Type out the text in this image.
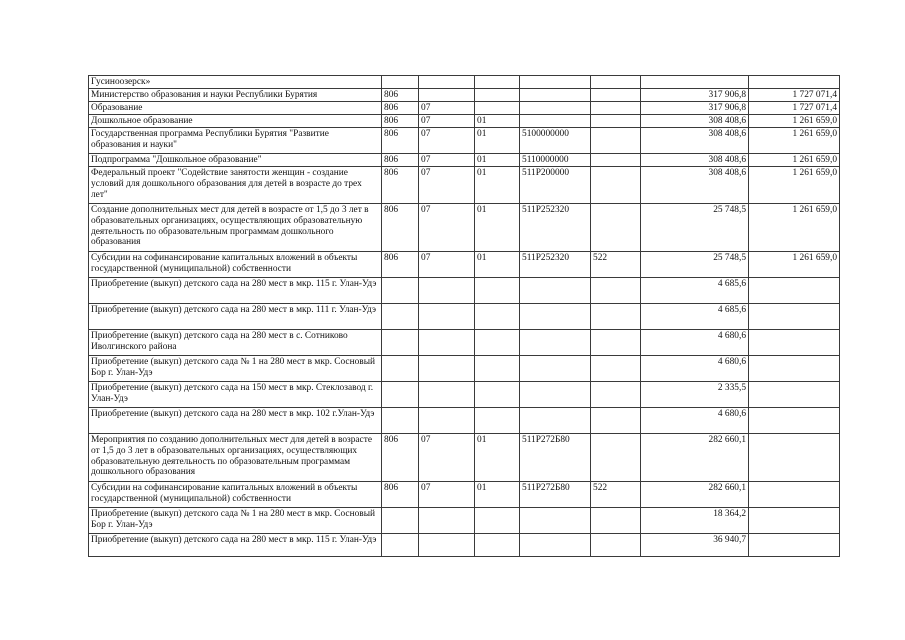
Гусиноозерск»							
Министерство образования и науки Республики Бурятия	806					317 906,8	1 727 071,4
Образование	806	07				317 906,8	1 727 071,4
Дошкольное образование	806	07	01			308 408,6	1 261 659,0
Государственная программа Республики Бурятия "Развитие образования и науки"	806	07	01	5100000000		308 408,6	1 261 659,0
Подпрограмма "Дошкольное образование"	806	07	01	5110000000		308 408,6	1 261 659,0
Федеральный проект "Содействие занятости женщин - создание условий для дошкольного образования для детей в возрасте до трех лет"	806	07	01	511P200000		308 408,6	1 261 659,0
Создание дополнительных мест для детей в возрасте от 1,5 до 3 лет в образовательных организациях, осуществляющих образовательную деятельность по образовательным программам дошкольного образования	806	07	01	511P252320		25 748,5	1 261 659,0
Субсидии на софинансирование капитальных вложений в объекты государственной (муниципальной) собственности	806	07	01	511P252320	522	25 748,5	1 261 659,0
Приобретение (выкуп) детского сада на 280 мест в мкр. 115 г. Улан-Удэ						4 685,6	
Приобретение (выкуп) детского сада на 280 мест в мкр. 111 г. Улан-Удэ						4 685,6	
Приобретение (выкуп) детского сада на 280 мест в с. Сотниково Иволгинского района						4 680,6	
Приобретение (выкуп) детского сада № 1 на 280 мест в мкр. Сосновый Бор г. Улан-Удэ						4 680,6	
Приобретение (выкуп) детского сада на 150 мест в мкр. Стеклозавод г. Улан-Удэ						2 335,5	
Приобретение (выкуп) детского сада на 280 мест в мкр. 102 г.Улан-Удэ						4 680,6	
Мероприятия по созданию дополнительных мест для детей в возрасте от 1,5 до 3 лет в образовательных организациях, осуществляющих образовательную деятельность по образовательным программам дошкольного образования	806	07	01	511P272Б80		282 660,1	
Субсидии на софинансирование капитальных вложений в объекты государственной (муниципальной) собственности	806	07	01	511P272Б80	522	282 660,1	
Приобретение (выкуп) детского сада № 1 на 280 мест в мкр. Сосновый Бор г. Улан-Удэ						18 364,2	
Приобретение (выкуп) детского сада на 280 мест в мкр. 115 г. Улан-Удэ						36 940,7	
